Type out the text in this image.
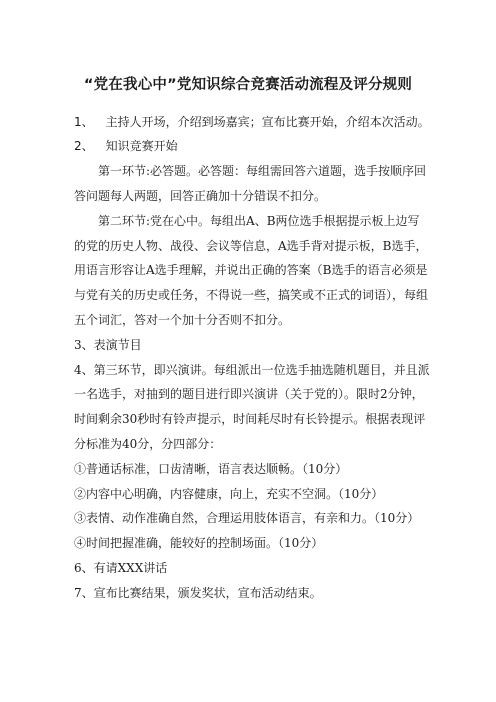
“党在我心中”党知识综合竞赛活动流程及评分规则
1、 主持人开场，介绍到场嘉宾；宣布比赛开始，介绍本次活动。
2、 知识竞赛开始
第一环节:必答题。必答题：每组需回答六道题，选手按顺序回
答问题每人两题，回答正确加十分错误不扣分。
第二环节:党在心中。每组出A、B两位选手根据提示板上边写
的党的历史人物、战役、会议等信息，A选手背对提示板，B选手，
用语言形容让A选手理解，并说出正确的答案（B选手的语言必须是
与党有关的历史或任务，不得说一些，搞笑或不正式的词语），每组
五个词汇，答对一个加十分否则不扣分。
3、表演节目
4、第三环节，即兴演讲。每组派出一位选手抽选随机题目，并且派
一名选手，对抽到的题目进行即兴演讲（关于党的）。限时2分钟，
时间剩余30秒时有铃声提示，时间耗尽时有长铃提示。根据表现评
分标准为40分，分四部分：
①普通话标准，口齿清晰，语言表达顺畅。（10分）
②内容中心明确，内容健康，向上，充实不空洞。（10分）
③表情、动作准确自然，合理运用肢体语言，有亲和力。（10分）
④时间把握准确，能较好的控制场面。（10分）
6、有请XXX讲话
7、宣布比赛结果，颁发奖状，宣布活动结束。
